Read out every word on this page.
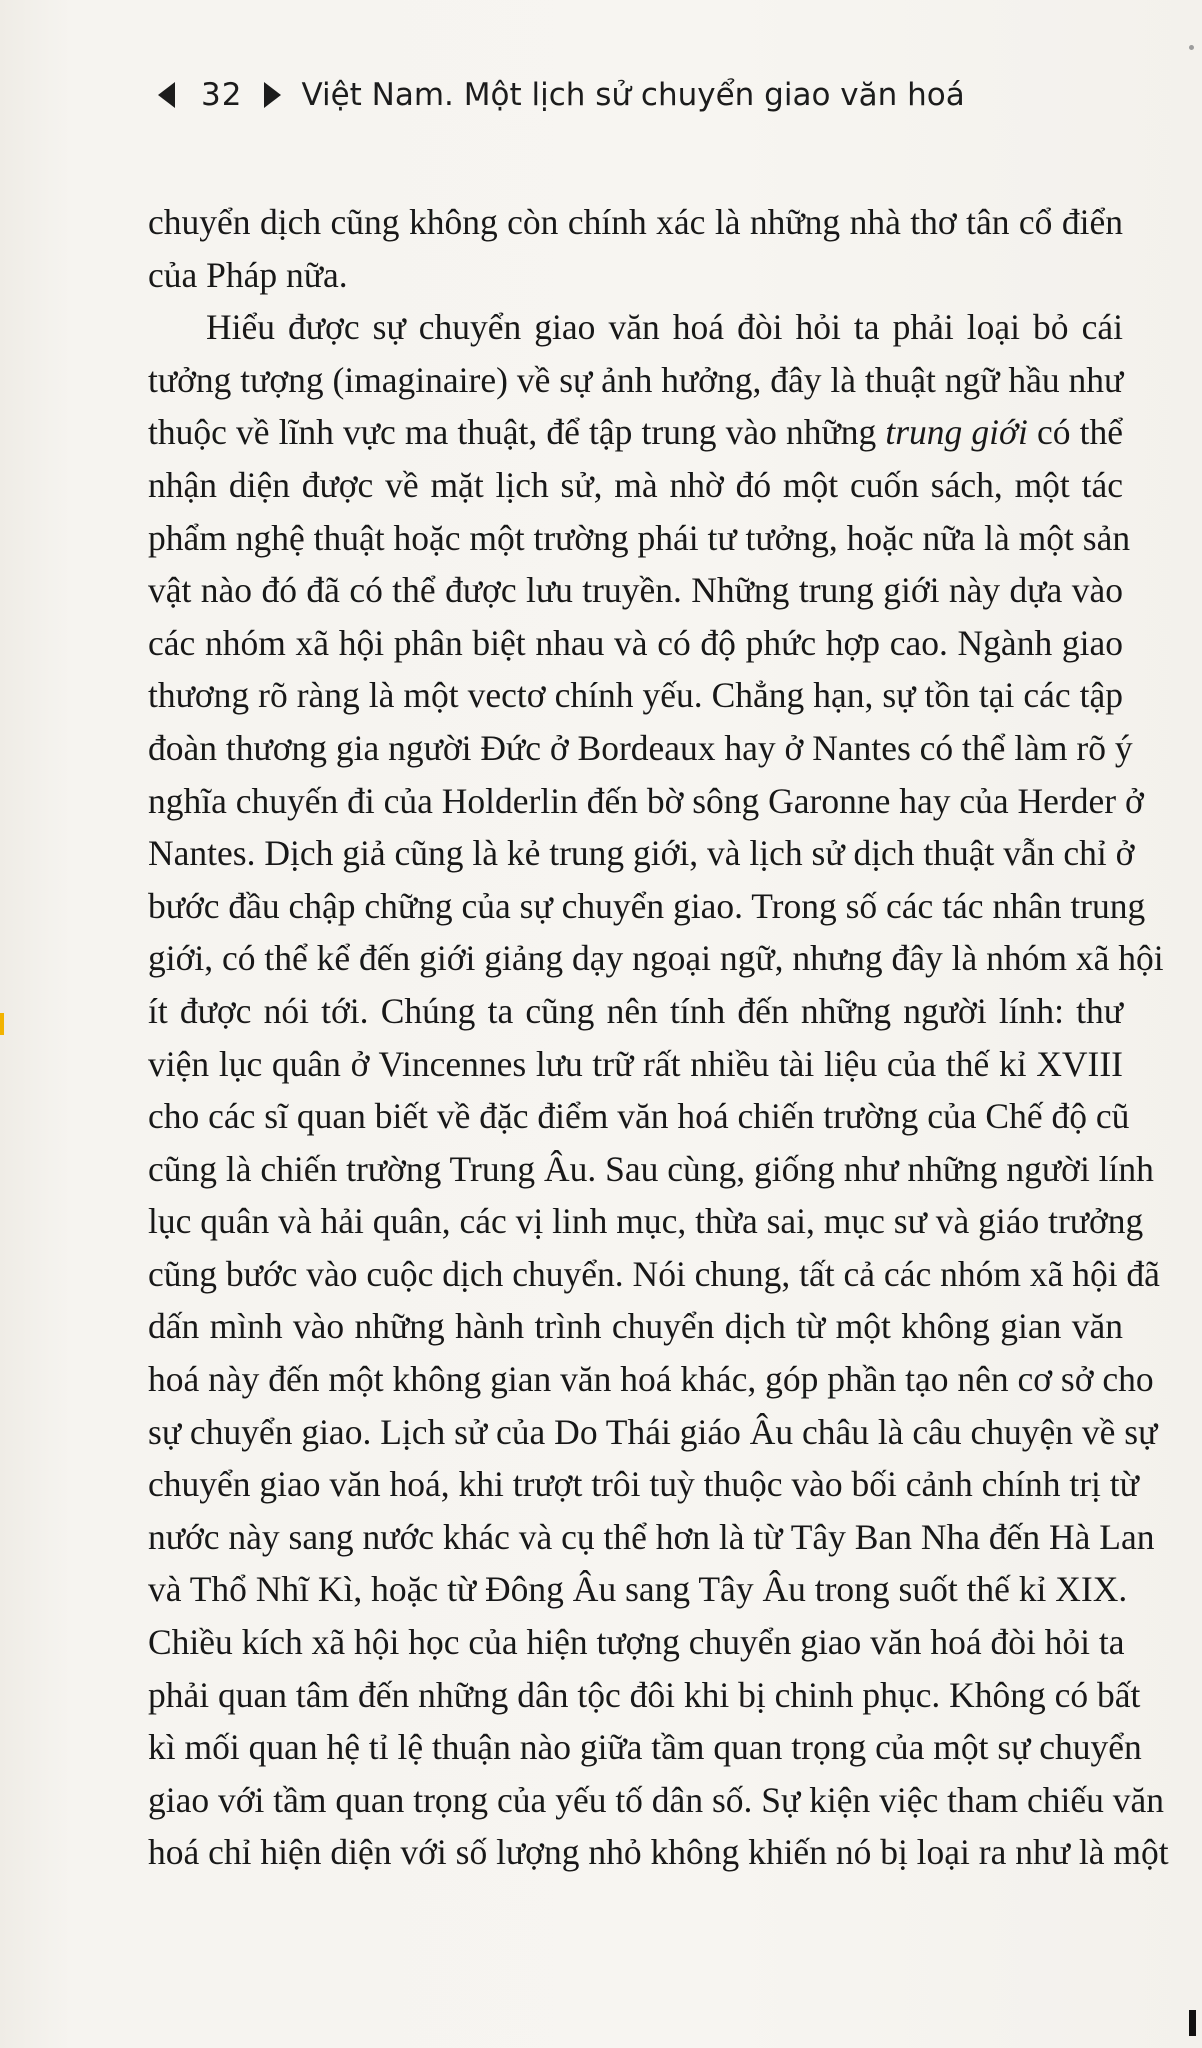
32 Việt Nam. Một lịch sử chuyển giao văn hoá
chuyển dịch cũng không còn chính xác là những nhà thơ tân cổ điển
của Pháp nữa.
Hiểu được sự chuyển giao văn hoá đòi hỏi ta phải loại bỏ cái
tưởng tượng (imaginaire) về sự ảnh hưởng, đây là thuật ngữ hầu như
thuộc về lĩnh vực ma thuật, để tập trung vào những trung giới có thể
nhận diện được về mặt lịch sử, mà nhờ đó một cuốn sách, một tác
phẩm nghệ thuật hoặc một trường phái tư tưởng, hoặc nữa là một sản
vật nào đó đã có thể được lưu truyền. Những trung giới này dựa vào
các nhóm xã hội phân biệt nhau và có độ phức hợp cao. Ngành giao
thương rõ ràng là một vectơ chính yếu. Chẳng hạn, sự tồn tại các tập
đoàn thương gia người Đức ở Bordeaux hay ở Nantes có thể làm rõ ý
nghĩa chuyến đi của Holderlin đến bờ sông Garonne hay của Herder ở
Nantes. Dịch giả cũng là kẻ trung giới, và lịch sử dịch thuật vẫn chỉ ở
bước đầu chập chững của sự chuyển giao. Trong số các tác nhân trung
giới, có thể kể đến giới giảng dạy ngoại ngữ, nhưng đây là nhóm xã hội
ít được nói tới. Chúng ta cũng nên tính đến những người lính: thư
viện lục quân ở Vincennes lưu trữ rất nhiều tài liệu của thế kỉ XVIII
cho các sĩ quan biết về đặc điểm văn hoá chiến trường của Chế độ cũ
cũng là chiến trường Trung Âu. Sau cùng, giống như những người lính
lục quân và hải quân, các vị linh mục, thừa sai, mục sư và giáo trưởng
cũng bước vào cuộc dịch chuyển. Nói chung, tất cả các nhóm xã hội đã
dấn mình vào những hành trình chuyển dịch từ một không gian văn
hoá này đến một không gian văn hoá khác, góp phần tạo nên cơ sở cho
sự chuyển giao. Lịch sử của Do Thái giáo Âu châu là câu chuyện về sự
chuyển giao văn hoá, khi trượt trôi tuỳ thuộc vào bối cảnh chính trị từ
nước này sang nước khác và cụ thể hơn là từ Tây Ban Nha đến Hà Lan
và Thổ Nhĩ Kì, hoặc từ Đông Âu sang Tây Âu trong suốt thế kỉ XIX.
Chiều kích xã hội học của hiện tượng chuyển giao văn hoá đòi hỏi ta
phải quan tâm đến những dân tộc đôi khi bị chinh phục. Không có bất
kì mối quan hệ tỉ lệ thuận nào giữa tầm quan trọng của một sự chuyển
giao với tầm quan trọng của yếu tố dân số. Sự kiện việc tham chiếu văn
hoá chỉ hiện diện với số lượng nhỏ không khiến nó bị loại ra như là một
